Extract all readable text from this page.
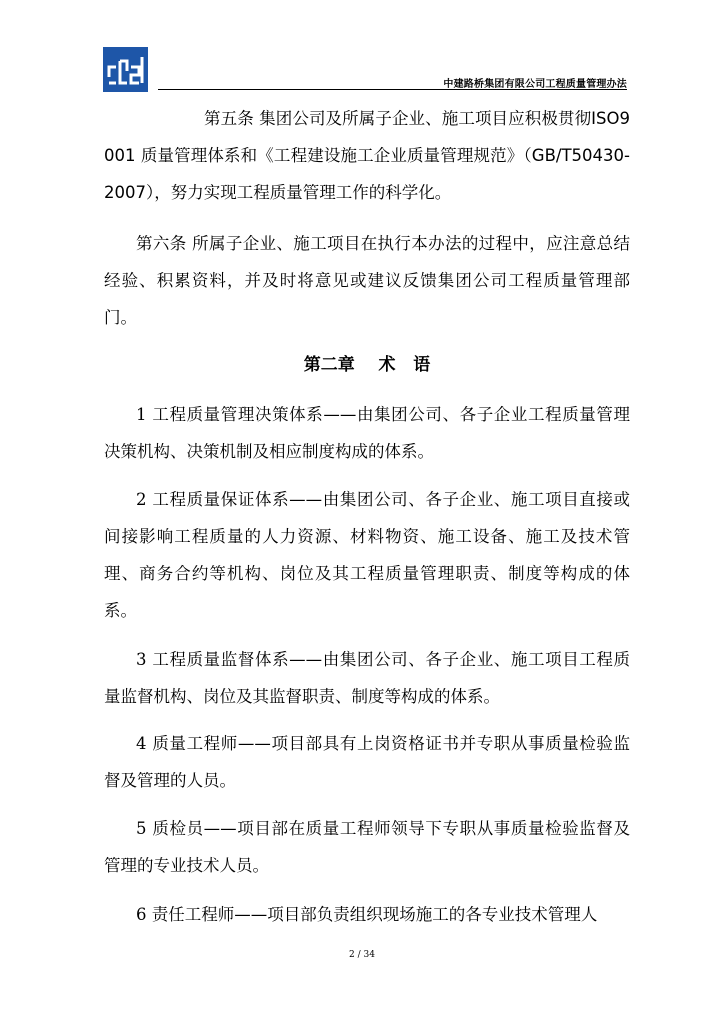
中建路桥集团有限公司工程质量管理办法

第五条 集团公司及所属子企业、施工项目应积极贯彻ISO9001 质量管理体系和《工程建设施工企业质量管理规范》（GB/T50430-2007），努力实现工程质量管理工作的科学化。

第六条 所属子企业、施工项目在执行本办法的过程中，应注意总结经验、积累资料，并及时将意见或建议反馈集团公司工程质量管理部门。

第二章    术   语

1 工程质量管理决策体系——由集团公司、各子企业工程质量管理决策机构、决策机制及相应制度构成的体系。

2 工程质量保证体系——由集团公司、各子企业、施工项目直接或间接影响工程质量的人力资源、材料物资、施工设备、施工及技术管理、商务合约等机构、岗位及其工程质量管理职责、制度等构成的体系。

3 工程质量监督体系——由集团公司、各子企业、施工项目工程质量监督机构、岗位及其监督职责、制度等构成的体系。

4 质量工程师——项目部具有上岗资格证书并专职从事质量检验监督及管理的人员。

5 质检员——项目部在质量工程师领导下专职从事质量检验监督及管理的专业技术人员。

6 责任工程师——项目部负责组织现场施工的各专业技术管理人

2 / 34
